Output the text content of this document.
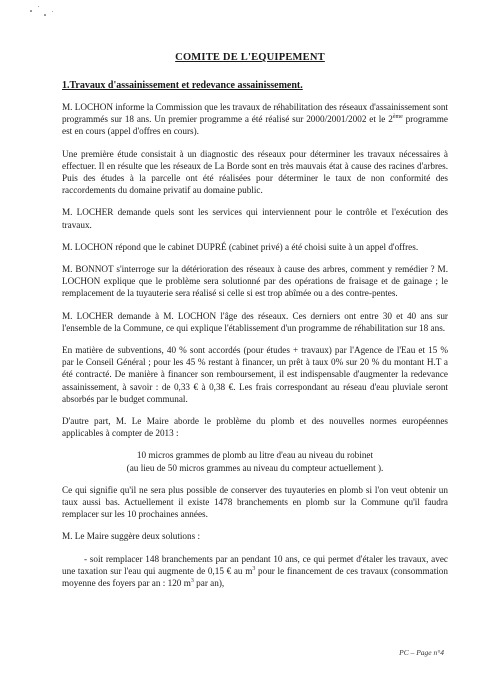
COMITE DE L'EQUIPEMENT
1.Travaux d'assainissement et redevance assainissement.

M. LOCHON informe la Commission que les travaux de réhabilitation des réseaux d'assainissement sont programmés sur 18 ans. Un premier programme a été réalisé sur 2000/2001/2002 et le 2ème programme est en cours (appel d'offres en cours).

Une première étude consistait à un diagnostic des réseaux pour déterminer les travaux nécessaires à effectuer. Il en résulte que les réseaux de La Borde sont en très mauvais état à cause des racines d'arbres. Puis des études à la parcelle ont été réalisées pour déterminer le taux de non conformité des raccordements du domaine privatif au domaine public.

M. LOCHER demande quels sont les services qui interviennent pour le contrôle et l'exécution des travaux.

M. LOCHON répond que le cabinet DUPRÉ (cabinet privé) a été choisi suite à un appel d'offres.

M. BONNOT s'interroge sur la détérioration des réseaux à cause des arbres, comment y remédier ? M. LOCHON explique que le problème sera solutionné par des opérations de fraisage et de gainage ; le remplacement de la tuyauterie sera réalisé si celle si est trop abîmée ou a des contre-pentes.

M. LOCHER demande à M. LOCHON l'âge des réseaux. Ces derniers ont entre 30 et 40 ans sur l'ensemble de la Commune, ce qui explique l'établissement d'un programme de réhabilitation sur 18 ans.

En matière de subventions, 40 % sont accordés (pour études + travaux) par l'Agence de l'Eau et 15 % par le Conseil Général ; pour les 45 % restant à financer, un prêt à taux 0% sur 20 % du montant H.T a été contracté. De manière à financer son remboursement, il est indispensable d'augmenter la redevance assainissement, à savoir : de 0,33 € à 0,38 €. Les frais correspondant au réseau d'eau pluviale seront absorbés par le budget communal.

D'autre part, M. Le Maire aborde le problème du plomb et des nouvelles normes européennes applicables à compter de 2013 :

10 micros grammes de plomb au litre d'eau au niveau du robinet
(au lieu de 50 micros grammes au niveau du compteur actuellement ).

Ce qui signifie qu'il ne sera plus possible de conserver des tuyauteries en plomb si l'on veut obtenir un taux aussi bas. Actuellement il existe 1478 branchements en plomb sur la Commune qu'il faudra remplacer sur les 10 prochaines années.

M. Le Maire suggère deux solutions :

- soit remplacer 148 branchements par an pendant 10 ans, ce qui permet d'étaler les travaux, avec une taxation sur l'eau qui augmente de 0,15 € au $m^3$ pour le financement de ces travaux (consommation moyenne des foyers par an : 120 $m^3$ par an),

PC – Page n°4
